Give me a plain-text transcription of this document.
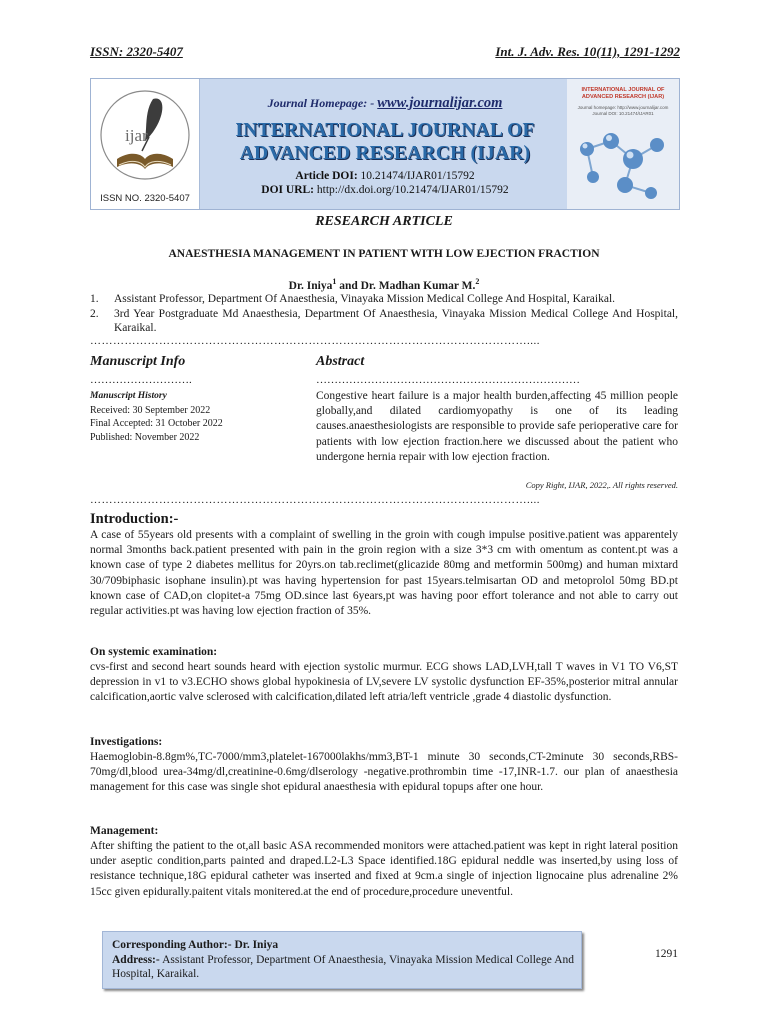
ISSN: 2320-5407	Int. J. Adv. Res. 10(11), 1291-1292
ijar
ISSN NO. 2320-5407
Journal Homepage: - www.journalijar.com
INTERNATIONAL JOURNAL OF
ADVANCED RESEARCH (IJAR)
Article DOI: 10.21474/IJAR01/15792
DOI URL: http://dx.doi.org/10.21474/IJAR01/15792
INTERNATIONAL JOURNAL OF ADVANCED RESEARCH (IJAR)
Journal homepage: http://www.journalijar.com
Journal DOI: 10.21474/IJAR01
RESEARCH ARTICLE
ANAESTHESIA MANAGEMENT IN PATIENT WITH LOW EJECTION FRACTION
Dr. Iniya$^1$ and Dr. Madhan Kumar M.$^2$
1. Assistant Professor, Department Of Anaesthesia, Vinayaka Mission Medical College And Hospital, Karaikal.
2. 3rd Year Postgraduate Md Anaesthesia, Department Of Anaesthesia, Vinayaka Mission Medical College And Hospital, Karaikal.
……………………………………………………………………………………………………....
Manuscript Info	Abstract
……………………….	………………………………………………………………
Manuscript History
Received: 30 September 2022
Final Accepted: 31 October 2022
Published: November 2022
Congestive heart failure is a major health burden,affecting 45 million people globally,and dilated cardiomyopathy is one of its leading causes.anaesthesiologists are responsible to provide safe perioperative care for patients with low ejection fraction.here we discussed about the patient who undergone hernia repair with low ejection fraction.
Copy Right, IJAR, 2022,. All rights reserved.
……………………………………………………………………………………………………....
Introduction:-
A case of 55years old presents with a complaint of swelling in the groin with cough impulse positive.patient was apparentely normal 3months back.patient presented with pain in the groin region with a size 3*3 cm with omentum as content.pt was a known case of type 2 diabetes mellitus for 20yrs.on tab.reclimet(glicazide 80mg and metformin 500mg) and human mixtard 30/709biphasic isophane insulin).pt was having hypertension for past 15years.telmisartan OD and metoprolol 50mg BD.pt known case of CAD,on clopitet-a 75mg OD.since last 6years,pt was having poor effort tolerance and not able to carry out regular activities.pt was having low ejection fraction of 35%.
On systemic examination:
cvs-first and second heart sounds heard with ejection systolic murmur. ECG shows LAD,LVH,tall T waves in V1 TO V6,ST depression in v1 to v3.ECHO shows global hypokinesia of LV,severe LV systolic dysfunction EF-35%,posterior mitral annular calcification,aortic valve sclerosed with calcification,dilated left atria/left ventricle ,grade 4 diastolic dysfunction.
Investigations:
Haemoglobin-8.8gm%,TC-7000/mm3,platelet-167000lakhs/mm3,BT-1 minute 30 seconds,CT-2minute 30 seconds,RBS-70mg/dl,blood urea-34mg/dl,creatinine-0.6mg/dlserology -negative.prothrombin time -17,INR-1.7. our plan of anaesthesia management for this case was single shot epidural anaesthesia with epidural topups after one hour.
Management:
After shifting the patient to the ot,all basic ASA recommended monitors were attached.patient was kept in right lateral position under aseptic condition,parts painted and draped.L2-L3 Space identified.18G epidural neddle was inserted,by using loss of resistance technique,18G epidural catheter was inserted and fixed at 9cm.a single of injection lignocaine plus adrenaline 2% 15cc given epidurally.paitent vitals monitered.at the end of procedure,procedure uneventful.
Corresponding Author:- Dr. Iniya
Address:- Assistant Professor, Department Of Anaesthesia, Vinayaka Mission Medical College And Hospital, Karaikal.
1291
